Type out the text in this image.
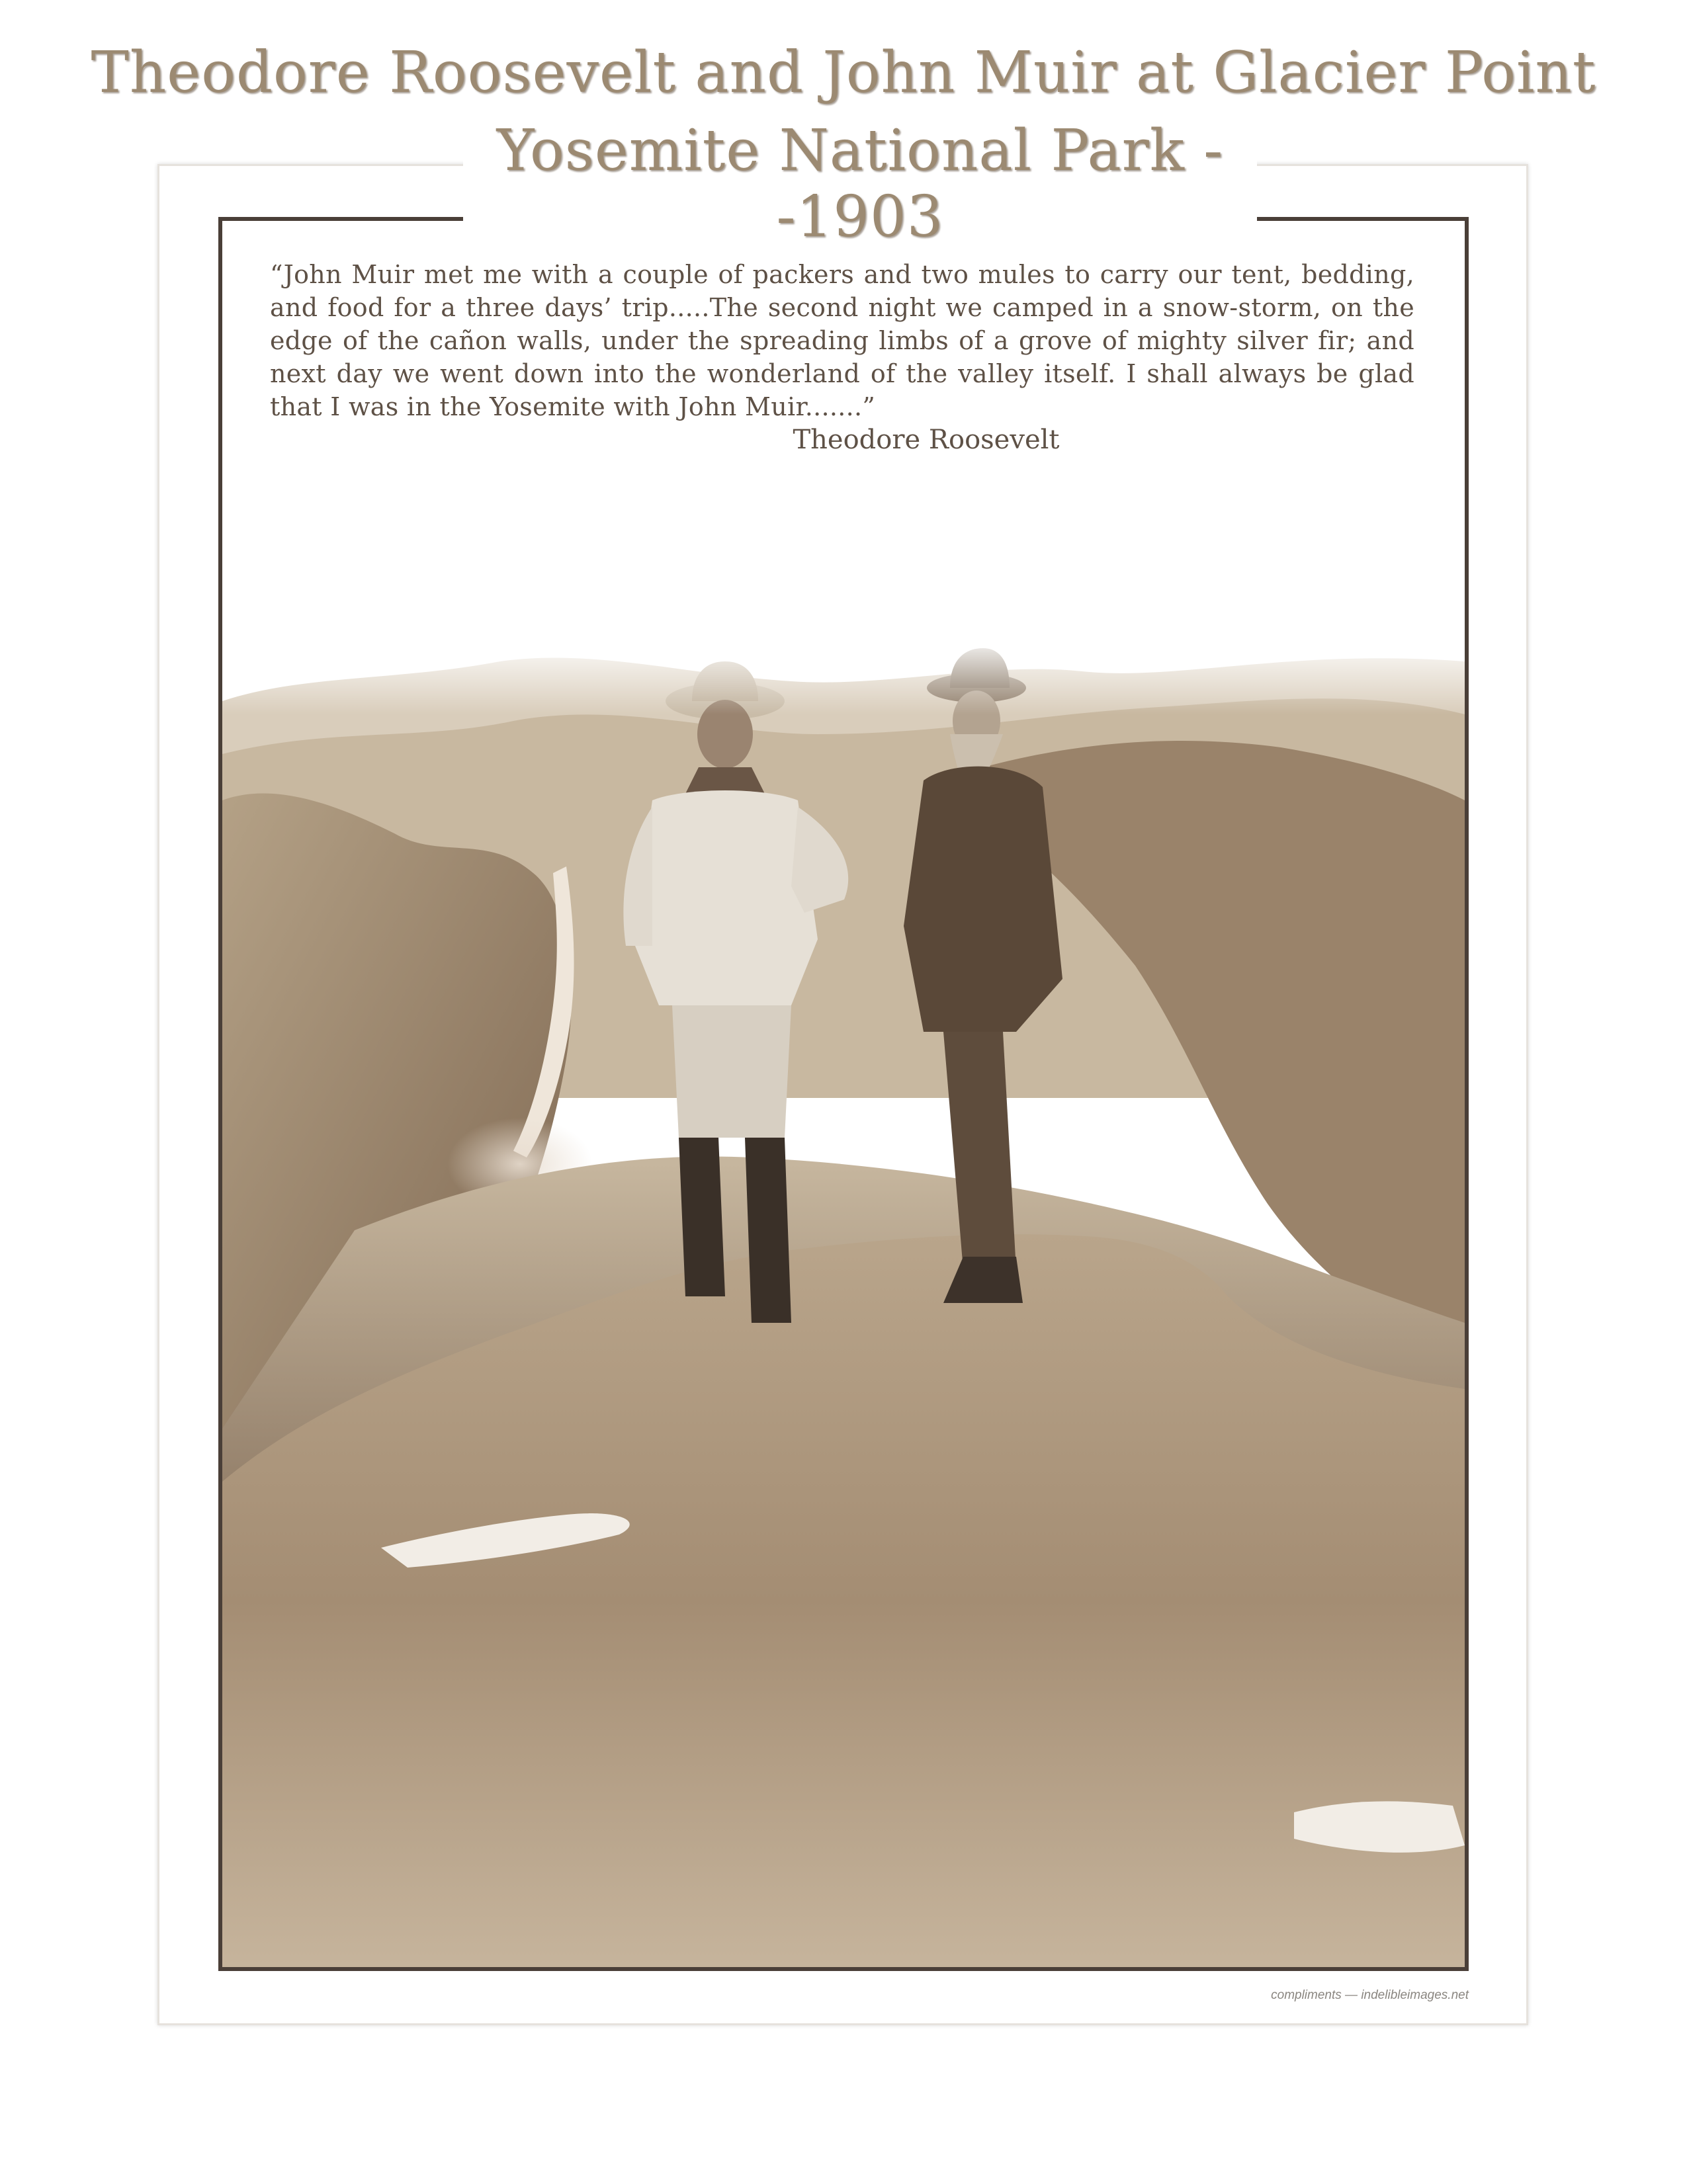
Theodore Roosevelt and John Muir at Glacier Point
Yosemite National Park --1903
“John Muir met me with a couple of packers and two mules to carry our tent, bedding, and food for a three days’ trip.....The second night we camped in a snow-storm, on the edge of the cañon walls, under the spreading limbs of a grove of mighty silver fir; and next day we went down into the wonderland of the valley itself. I shall always be glad that I was in the Yosemite with John Muir.......”
Theodore Roosevelt
compliments — indelibleimages.net
